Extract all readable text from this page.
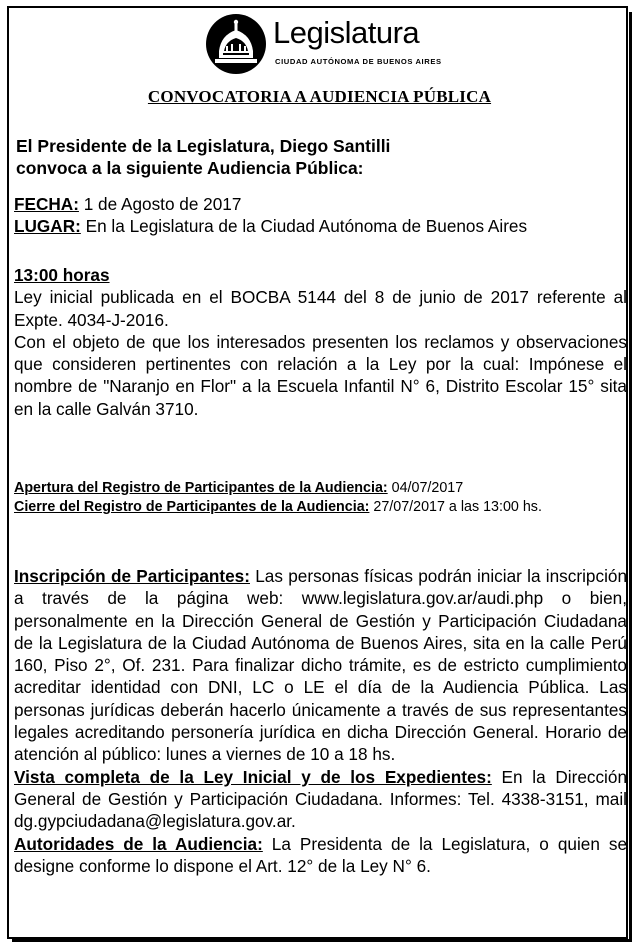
Legislatura
CIUDAD AUTÓNOMA DE BUENOS AIRES
CONVOCATORIA A AUDIENCIA PÚBLICA
El Presidente de la Legislatura, Diego Santilli
convoca a la siguiente Audiencia Pública:

FECHA: 1 de Agosto de 2017

LUGAR: En la Legislatura de la Ciudad Autónoma de Buenos Aires

13:00 horas

Ley inicial publicada en el BOCBA 5144 del 8 de junio de 2017 referente al Expte. 4034-J-2016.

Con el objeto de que los interesados presenten los reclamos y observaciones que consideren pertinentes con relación a la Ley por la cual: Impónese el nombre de "Naranjo en Flor" a la Escuela Infantil N° 6, Distrito Escolar 15° sita en la calle Galván 3710.

Apertura del Registro de Participantes de la Audiencia: 04/07/2017

Cierre del Registro de Participantes de la Audiencia: 27/07/2017 a las 13:00 hs.

Inscripción de Participantes: Las personas físicas podrán iniciar la inscripción a través de la página web: www.legislatura.gov.ar/audi.php o bien, personalmente en la Dirección General de Gestión y Participación Ciudadana de la Legislatura de la Ciudad Autónoma de Buenos Aires, sita en la calle Perú 160, Piso 2°, Of. 231. Para finalizar dicho trámite, es de estricto cumplimiento acreditar identidad con DNI, LC o LE el día de la Audiencia Pública. Las personas jurídicas deberán hacerlo únicamente a través de sus representantes legales acreditando personería jurídica en dicha Dirección General. Horario de atención al público: lunes a viernes de 10 a 18 hs.

Vista completa de la Ley Inicial y de los Expedientes: En la Dirección General de Gestión y Participación Ciudadana. Informes: Tel. 4338-3151, mail dg.gypciudadana@legislatura.gov.ar.

Autoridades de la Audiencia: La Presidenta de la Legislatura, o quien se designe conforme lo dispone el Art. 12° de la Ley N° 6.
